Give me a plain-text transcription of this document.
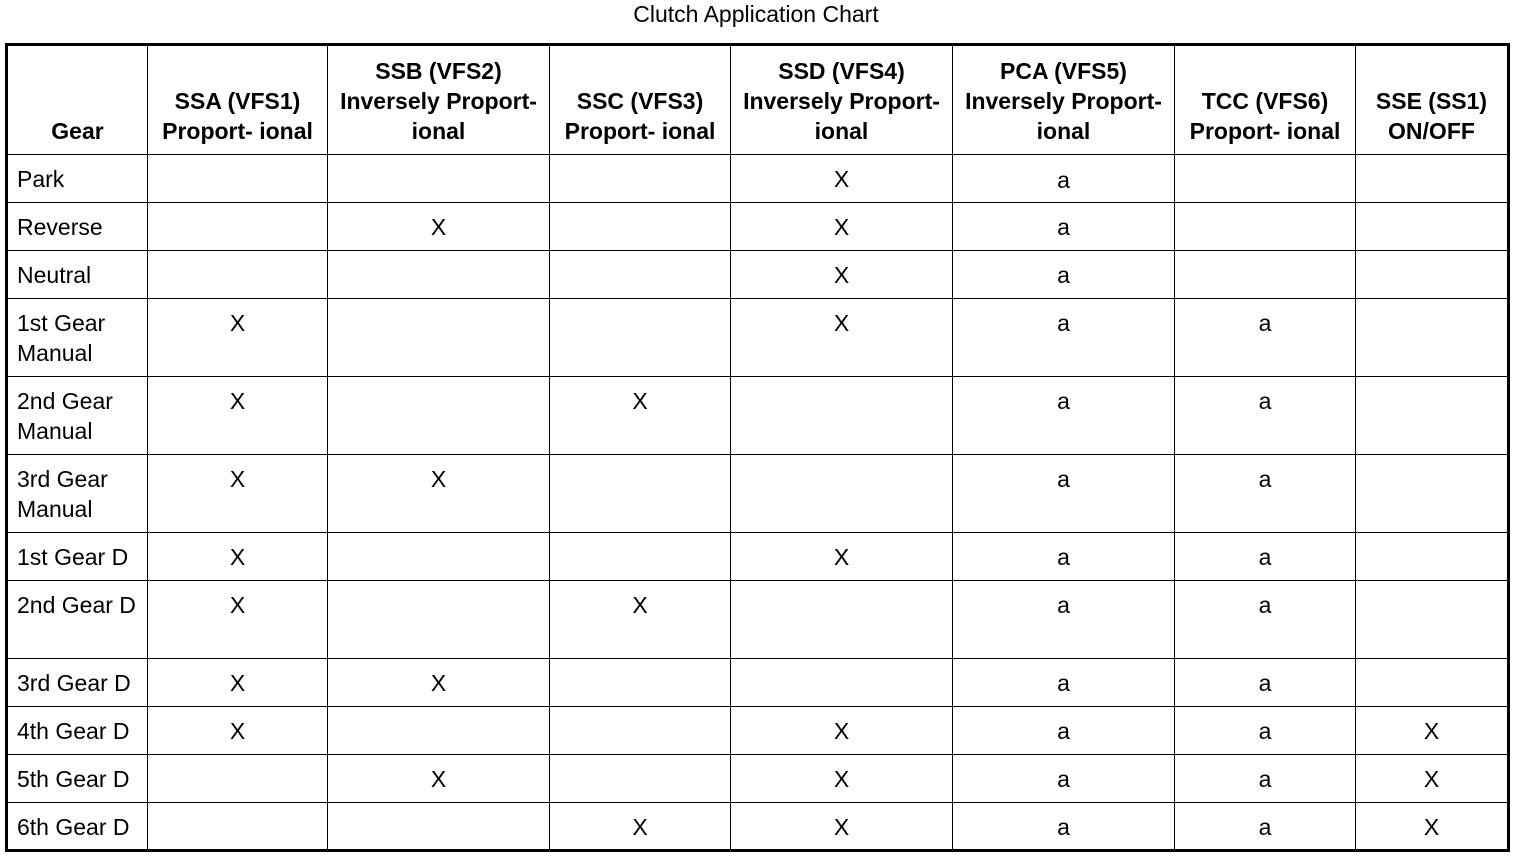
Clutch Application Chart
Gear	SSA (VFS1) Proport- ional	SSB (VFS2) Inversely Proport- ional	SSC (VFS3) Proport- ional	SSD (VFS4) Inversely Proport- ional	PCA (VFS5) Inversely Proport- ional	TCC (VFS6) Proport- ional	SSE (SS1) ON/OFF
Park				X	a		
Reverse		X		X	a		
Neutral				X	a		
1st Gear Manual	X			X	a	a	
2nd Gear Manual	X		X		a	a	
3rd Gear Manual	X	X			a	a	
1st Gear D	X			X	a	a	
2nd Gear D	X		X		a	a	
3rd Gear D	X	X			a	a	
4th Gear D	X			X	a	a	X
5th Gear D		X		X	a	a	X
6th Gear D			X	X	a	a	X
